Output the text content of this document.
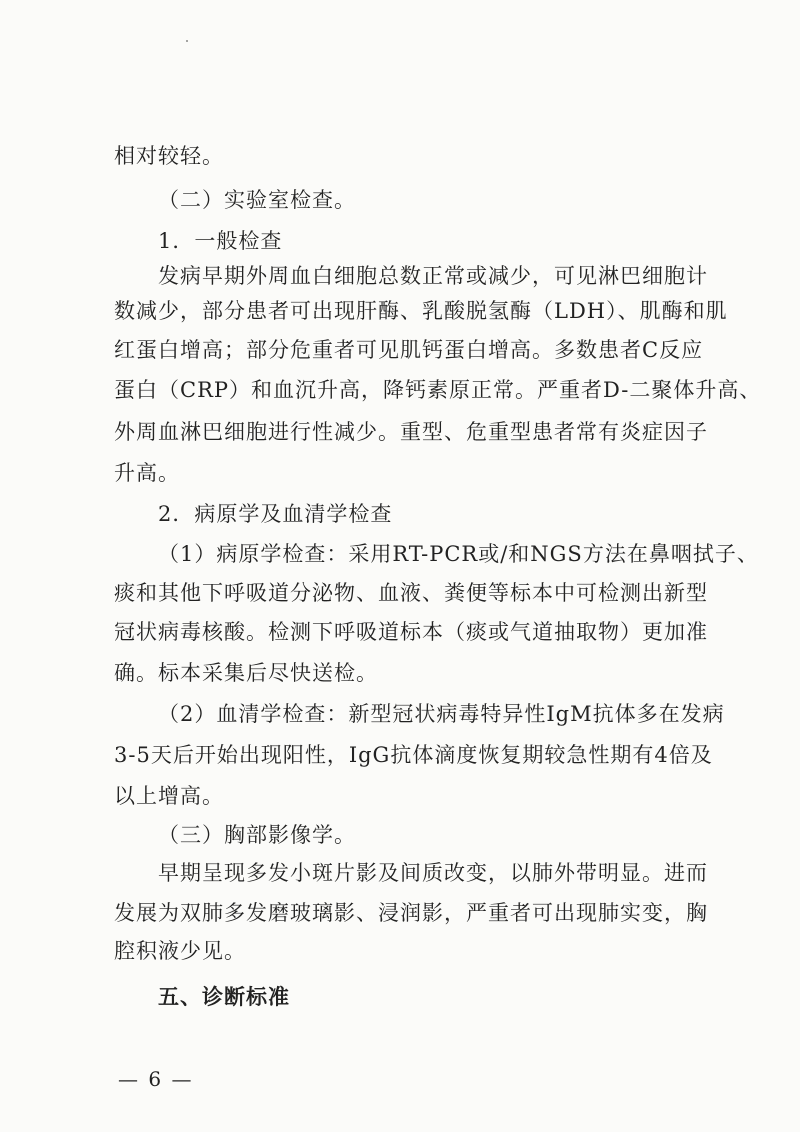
相对较轻。
（二）实验室检查。
1．一般检查
发病早期外周血白细胞总数正常或减少，可见淋巴细胞计
数减少，部分患者可出现肝酶、乳酸脱氢酶（LDH）、肌酶和肌
红蛋白增高；部分危重者可见肌钙蛋白增高。多数患者C反应
蛋白（CRP）和血沉升高，降钙素原正常。严重者D-二聚体升高、
外周血淋巴细胞进行性减少。重型、危重型患者常有炎症因子
升高。
2．病原学及血清学检查
（1）病原学检查：采用RT-PCR或/和NGS方法在鼻咽拭子、
痰和其他下呼吸道分泌物、血液、粪便等标本中可检测出新型
冠状病毒核酸。检测下呼吸道标本（痰或气道抽取物）更加准
确。标本采集后尽快送检。
（2）血清学检查：新型冠状病毒特异性IgM抗体多在发病
3-5天后开始出现阳性，IgG抗体滴度恢复期较急性期有4倍及
以上增高。
（三）胸部影像学。
早期呈现多发小斑片影及间质改变，以肺外带明显。进而
发展为双肺多发磨玻璃影、浸润影，严重者可出现肺实变，胸
腔积液少见。
五、诊断标准
— 6 —
